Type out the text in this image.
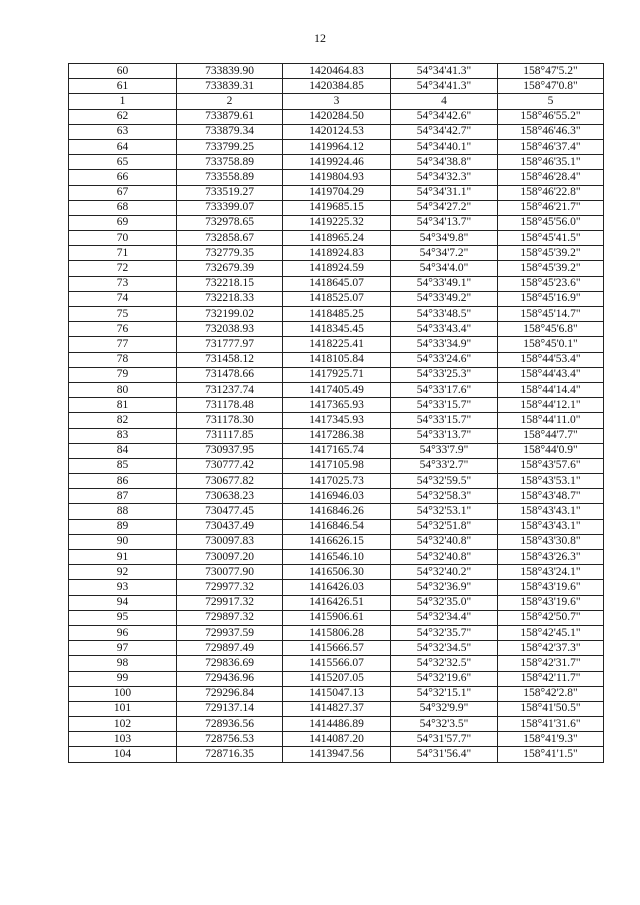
12
60	733839.90	1420464.83	54°34'41.3"	158°47'5.2"
61	733839.31	1420384.85	54°34'41.3"	158°47'0.8"
1	2	3	4	5
62	733879.61	1420284.50	54°34'42.6"	158°46'55.2"
63	733879.34	1420124.53	54°34'42.7"	158°46'46.3"
64	733799.25	1419964.12	54°34'40.1"	158°46'37.4"
65	733758.89	1419924.46	54°34'38.8"	158°46'35.1"
66	733558.89	1419804.93	54°34'32.3"	158°46'28.4"
67	733519.27	1419704.29	54°34'31.1"	158°46'22.8"
68	733399.07	1419685.15	54°34'27.2"	158°46'21.7"
69	732978.65	1419225.32	54°34'13.7"	158°45'56.0"
70	732858.67	1418965.24	54°34'9.8"	158°45'41.5"
71	732779.35	1418924.83	54°34'7.2"	158°45'39.2"
72	732679.39	1418924.59	54°34'4.0"	158°45'39.2"
73	732218.15	1418645.07	54°33'49.1"	158°45'23.6"
74	732218.33	1418525.07	54°33'49.2"	158°45'16.9"
75	732199.02	1418485.25	54°33'48.5"	158°45'14.7"
76	732038.93	1418345.45	54°33'43.4"	158°45'6.8"
77	731777.97	1418225.41	54°33'34.9"	158°45'0.1"
78	731458.12	1418105.84	54°33'24.6"	158°44'53.4"
79	731478.66	1417925.71	54°33'25.3"	158°44'43.4"
80	731237.74	1417405.49	54°33'17.6"	158°44'14.4"
81	731178.48	1417365.93	54°33'15.7"	158°44'12.1"
82	731178.30	1417345.93	54°33'15.7"	158°44'11.0"
83	731117.85	1417286.38	54°33'13.7"	158°44'7.7"
84	730937.95	1417165.74	54°33'7.9"	158°44'0.9"
85	730777.42	1417105.98	54°33'2.7"	158°43'57.6"
86	730677.82	1417025.73	54°32'59.5"	158°43'53.1"
87	730638.23	1416946.03	54°32'58.3"	158°43'48.7"
88	730477.45	1416846.26	54°32'53.1"	158°43'43.1"
89	730437.49	1416846.54	54°32'51.8"	158°43'43.1"
90	730097.83	1416626.15	54°32'40.8"	158°43'30.8"
91	730097.20	1416546.10	54°32'40.8"	158°43'26.3"
92	730077.90	1416506.30	54°32'40.2"	158°43'24.1"
93	729977.32	1416426.03	54°32'36.9"	158°43'19.6"
94	729917.32	1416426.51	54°32'35.0"	158°43'19.6"
95	729897.32	1415906.61	54°32'34.4"	158°42'50.7"
96	729937.59	1415806.28	54°32'35.7"	158°42'45.1"
97	729897.49	1415666.57	54°32'34.5"	158°42'37.3"
98	729836.69	1415566.07	54°32'32.5"	158°42'31.7"
99	729436.96	1415207.05	54°32'19.6"	158°42'11.7"
100	729296.84	1415047.13	54°32'15.1"	158°42'2.8"
101	729137.14	1414827.37	54°32'9.9"	158°41'50.5"
102	728936.56	1414486.89	54°32'3.5"	158°41'31.6"
103	728756.53	1414087.20	54°31'57.7"	158°41'9.3"
104	728716.35	1413947.56	54°31'56.4"	158°41'1.5"
